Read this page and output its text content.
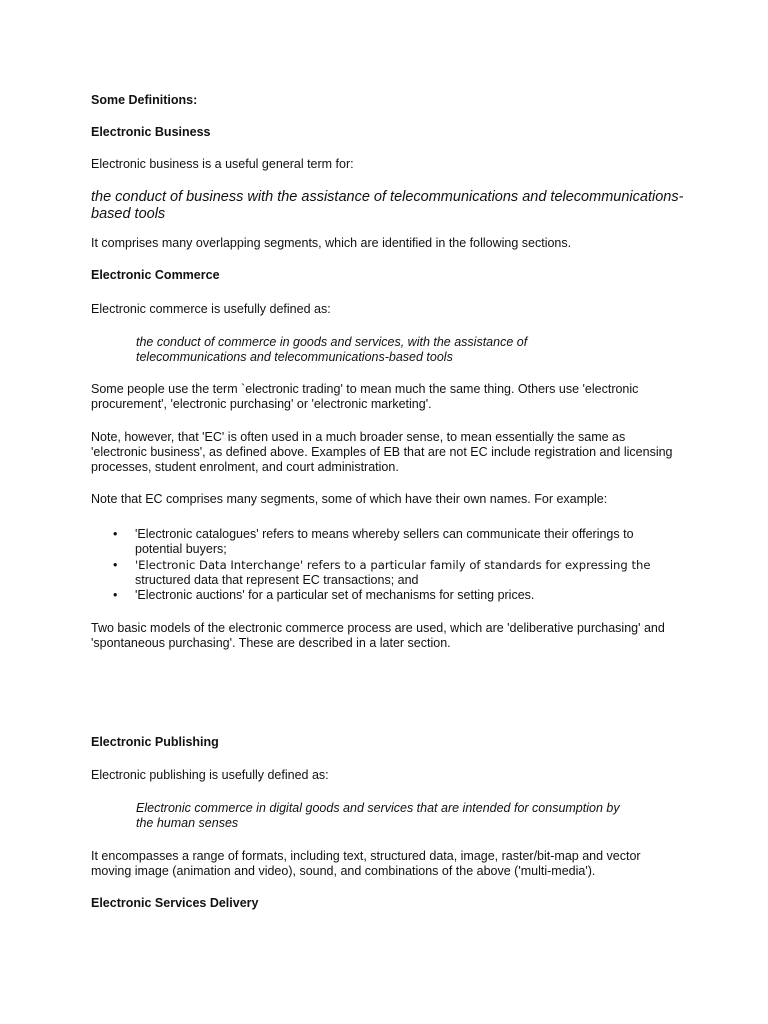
Some Definitions:

Electronic Business

Electronic business is a useful general term for:

the conduct of business with the assistance of telecommunications and telecommunications-

based tools

It comprises many overlapping segments, which are identified in the following sections.

Electronic Commerce

Electronic commerce is usefully defined as:

the conduct of commerce in goods and services, with the assistance of

telecommunications and telecommunications-based tools

Some people use the term `electronic trading' to mean much the same thing. Others use 'electronic

procurement', 'electronic purchasing' or 'electronic marketing'.

Note, however, that 'EC' is often used in a much broader sense, to mean essentially the same as

'electronic business', as defined above. Examples of EB that are not EC include registration and licensing

processes, student enrolment, and court administration.

Note that EC comprises many segments, some of which have their own names. For example:

• 'Electronic catalogues' refers to means whereby sellers can communicate their offerings to

potential buyers;

• 'Electronic Data Interchange' refers to a particular family of standards for expressing the

structured data that represent EC transactions; and

• 'Electronic auctions' for a particular set of mechanisms for setting prices.

Two basic models of the electronic commerce process are used, which are 'deliberative purchasing' and

'spontaneous purchasing'. These are described in a later section.

Electronic Publishing

Electronic publishing is usefully defined as:

Electronic commerce in digital goods and services that are intended for consumption by

the human senses

It encompasses a range of formats, including text, structured data, image, raster/bit-map and vector

moving image (animation and video), sound, and combinations of the above ('multi-media').

Electronic Services Delivery
